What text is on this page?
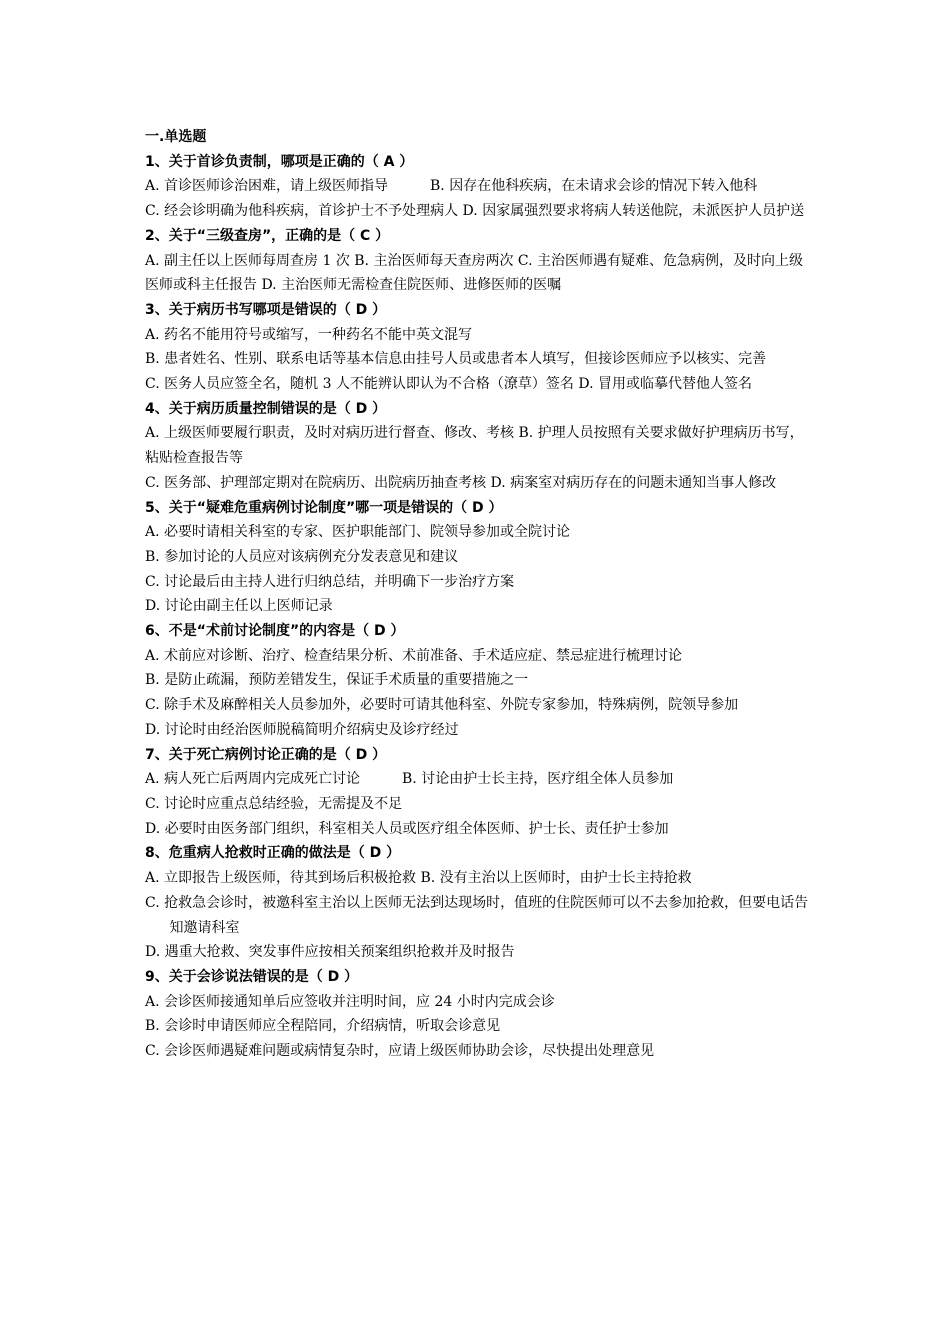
一.单选题
1、关于首诊负责制，哪项是正确的（ A ）
A. 首诊医师诊治困难，请上级医师指导　　　B. 因存在他科疾病，在未请求会诊的情况下转入他科
C. 经会诊明确为他科疾病，首诊护士不予处理病人 D. 因家属强烈要求将病人转送他院，未派医护人员护送
2、关于“三级查房”，正确的是（ C ）
A. 副主任以上医师每周查房 1 次 B. 主治医师每天查房两次 C. 主治医师遇有疑难、危急病例，及时向上级医师或科主任报告 D. 主治医师无需检查住院医师、进修医师的医嘱
3、关于病历书写哪项是错误的（ D ）
A. 药名不能用符号或缩写，一种药名不能中英文混写
B. 患者姓名、性别、联系电话等基本信息由挂号人员或患者本人填写，但接诊医师应予以核实、完善
C. 医务人员应签全名，随机 3 人不能辨认即认为不合格（潦草）签名 D. 冒用或临摹代替他人签名
4、关于病历质量控制错误的是（ D ）
A. 上级医师要履行职责，及时对病历进行督查、修改、考核 B. 护理人员按照有关要求做好护理病历书写，粘贴检查报告等
C. 医务部、护理部定期对在院病历、出院病历抽查考核 D. 病案室对病历存在的问题未通知当事人修改
5、关于“疑难危重病例讨论制度”哪一项是错误的（ D ）
A. 必要时请相关科室的专家、医护职能部门、院领导参加或全院讨论
B. 参加讨论的人员应对该病例充分发表意见和建议
C. 讨论最后由主持人进行归纳总结，并明确下一步治疗方案
D. 讨论由副主任以上医师记录
6、不是“术前讨论制度”的内容是（ D ）
A. 术前应对诊断、治疗、检查结果分析、术前准备、手术适应症、禁忌症进行梳理讨论
B. 是防止疏漏，预防差错发生，保证手术质量的重要措施之一
C. 除手术及麻醉相关人员参加外，必要时可请其他科室、外院专家参加，特殊病例，院领导参加
D. 讨论时由经治医师脱稿简明介绍病史及诊疗经过
7、关于死亡病例讨论正确的是（ D ）
A. 病人死亡后两周内完成死亡讨论　　　B. 讨论由护士长主持，医疗组全体人员参加
C. 讨论时应重点总结经验，无需提及不足
D. 必要时由医务部门组织，科室相关人员或医疗组全体医师、护士长、责任护士参加
8、危重病人抢救时正确的做法是（ D ）
A. 立即报告上级医师，待其到场后积极抢救 B. 没有主治以上医师时，由护士长主持抢救
C. 抢救急会诊时，被邀科室主治以上医师无法到达现场时，值班的住院医师可以不去参加抢救，但要电话告知邀请科室
D. 遇重大抢救、突发事件应按相关预案组织抢救并及时报告
9、关于会诊说法错误的是（ D ）
A. 会诊医师接通知单后应签收并注明时间，应 24 小时内完成会诊
B. 会诊时申请医师应全程陪同，介绍病情，听取会诊意见
C. 会诊医师遇疑难问题或病情复杂时，应请上级医师协助会诊，尽快提出处理意见
